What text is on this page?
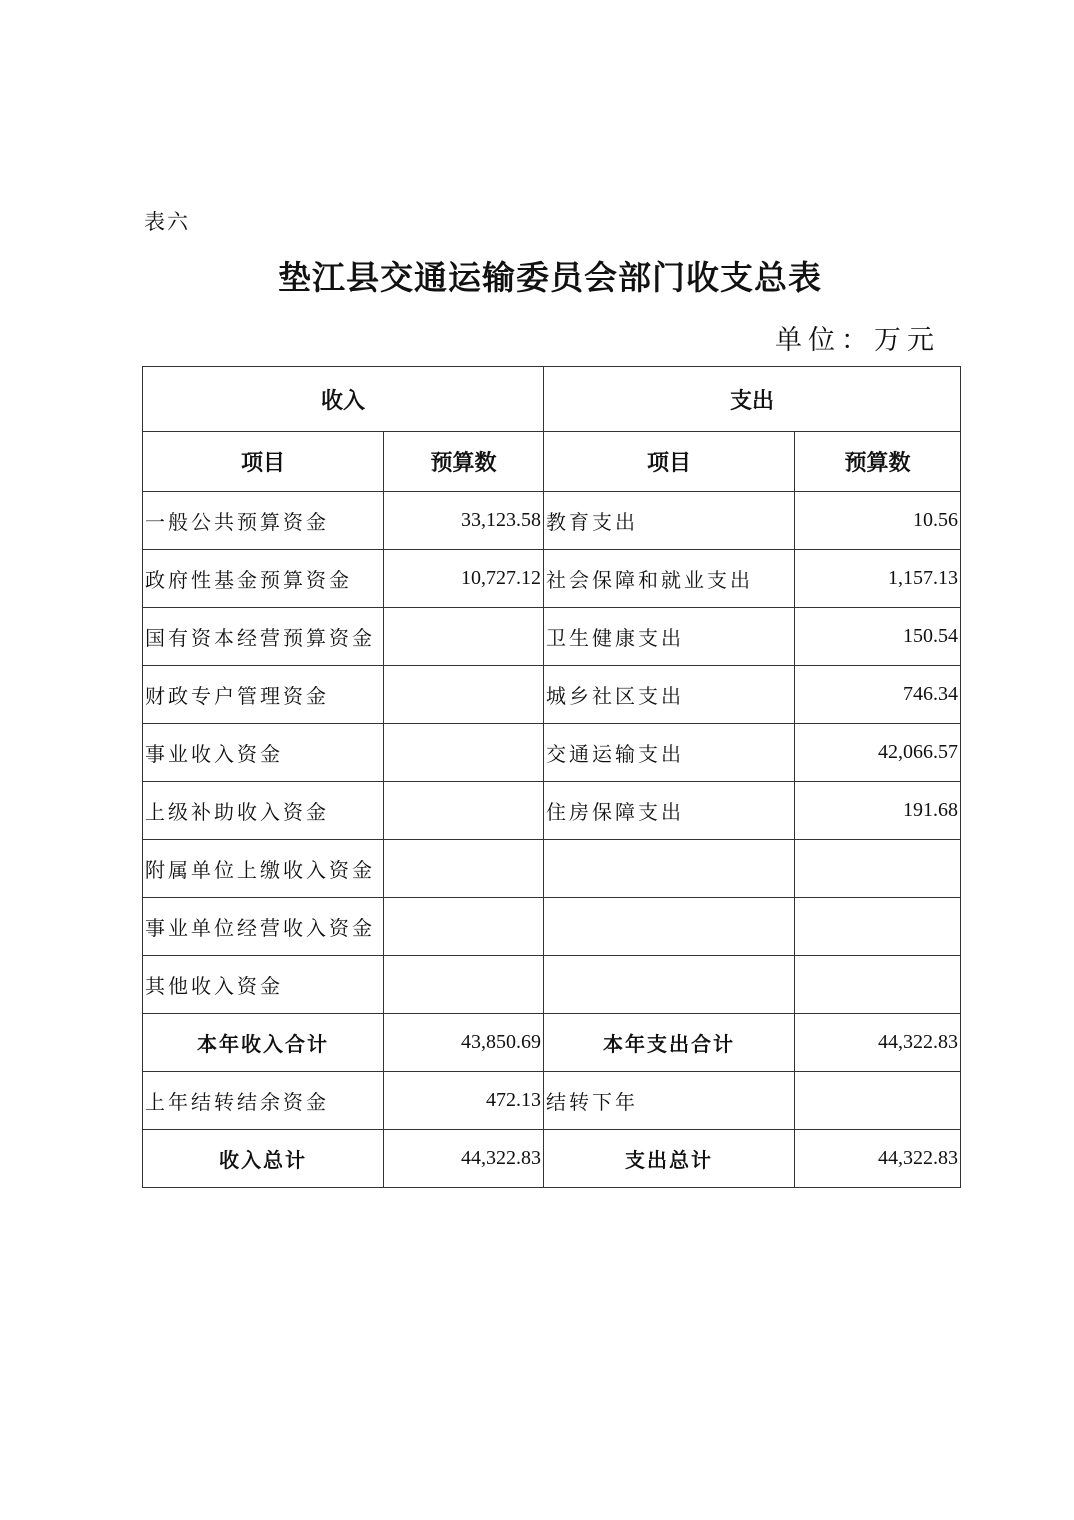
表六
垫江县交通运输委员会部门收支总表
单位：万元
收入		支出	
项目	预算数	项目	预算数
一般公共预算资金	33,123.58	教育支出	10.56
政府性基金预算资金	10,727.12	社会保障和就业支出	1,157.13
国有资本经营预算资金		卫生健康支出	150.54
财政专户管理资金		城乡社区支出	746.34
事业收入资金		交通运输支出	42,066.57
上级补助收入资金		住房保障支出	191.68
附属单位上缴收入资金			
事业单位经营收入资金			
其他收入资金			
本年收入合计	43,850.69	本年支出合计	44,322.83
上年结转结余资金	472.13	结转下年	
收入总计	44,322.83	支出总计	44,322.83
